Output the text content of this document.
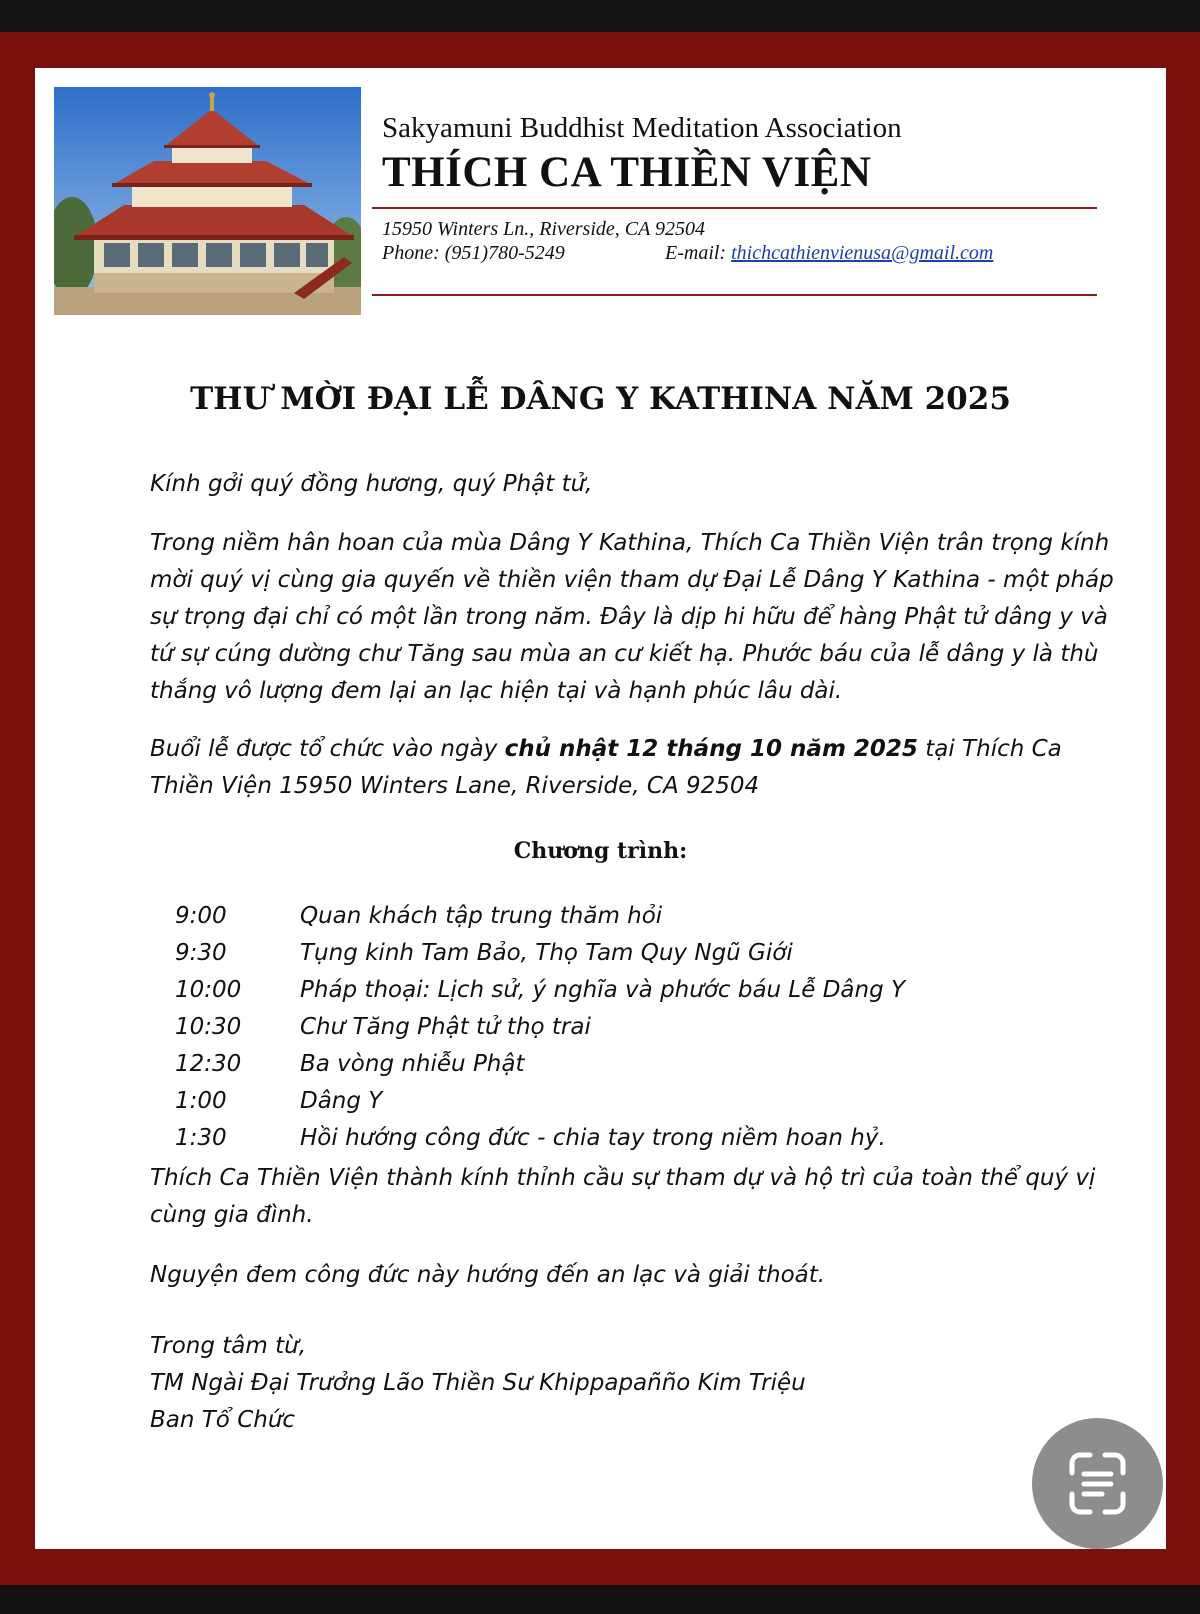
Sakyamuni Buddhist Meditation Association
THÍCH CA THIỀN VIỆN
15950 Winters Ln., Riverside, CA 92504
Phone: (951)780-5249	E-mail: thichcathienvienusa@gmail.com
THƯ MỜI ĐẠI LỄ DÂNG Y KATHINA NĂM 2025
Kính gởi quý đồng hương, quý Phật tử,
Trong niềm hân hoan của mùa Dâng Y Kathina, Thích Ca Thiền Viện trân trọng kính mời quý vị cùng gia quyến về thiền viện tham dự Đại Lễ Dâng Y Kathina - một pháp sự trọng đại chỉ có một lần trong năm. Đây là dịp hi hữu để hàng Phật tử dâng y và tứ sự cúng dường chư Tăng sau mùa an cư kiết hạ. Phước báu của lễ dâng y là thù thắng vô lượng đem lại an lạc hiện tại và hạnh phúc lâu dài.
Buổi lễ được tổ chức vào ngày chủ nhật 12 tháng 10 năm 2025 tại Thích Ca Thiền Viện 15950 Winters Lane, Riverside, CA 92504
Chương trình:
9:00	Quan khách tập trung thăm hỏi
9:30	Tụng kinh Tam Bảo, Thọ Tam Quy Ngũ Giới
10:00	Pháp thoại: Lịch sử, ý nghĩa và phước báu Lễ Dâng Y
10:30	Chư Tăng Phật tử thọ trai
12:30	Ba vòng nhiễu Phật
1:00	Dâng Y
1:30	Hồi hướng công đức - chia tay trong niềm hoan hỷ.
Thích Ca Thiền Viện thành kính thỉnh cầu sự tham dự và hộ trì của toàn thể quý vị cùng gia đình.
Nguyện đem công đức này hướng đến an lạc và giải thoát.
Trong tâm từ,
TM Ngài Đại Trưởng Lão Thiền Sư Khippapañño Kim Triệu
Ban Tổ Chức
